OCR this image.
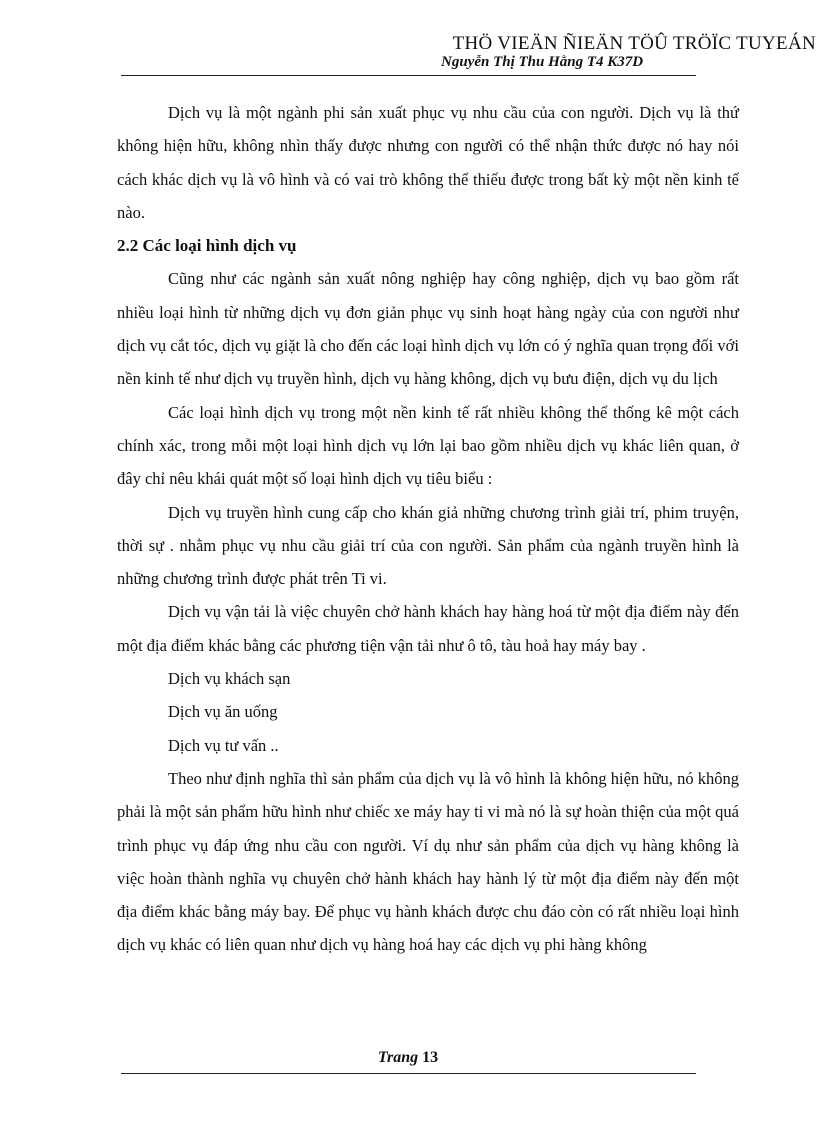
THÖ VIEÄN ÑIEÄN TÖÛ TRÖÏC TUYEÁN
Nguyễn Thị Thu Hằng T4 K37D

Dịch vụ là một ngành phi sản xuất phục vụ nhu cầu của con người. Dịch vụ là thứ không hiện hữu, không nhìn thấy được nhưng con người có thể nhận thức được nó hay nói cách khác dịch vụ là vô hình và có vai trò không thể thiếu được trong bất kỳ một nền kinh tế nào.

2.2 Các loại hình dịch vụ

Cũng như các ngành sản xuất nông nghiệp hay công nghiệp, dịch vụ bao gồm rất nhiều loại hình từ những dịch vụ đơn giản phục vụ sinh hoạt hàng ngày của con người như dịch vụ cắt tóc, dịch vụ giặt là cho đến các loại hình dịch vụ lớn có ý nghĩa quan trọng đối với nền kinh tế như dịch vụ truyền hình, dịch vụ hàng không, dịch vụ bưu điện, dịch vụ du lịch

Các loại hình dịch vụ trong một nền kinh tế rất nhiều không thể thống kê một cách chính xác, trong mỗi một loại hình dịch vụ lớn lại bao gồm nhiều dịch vụ khác liên quan, ở đây chỉ nêu khái quát một số loại hình dịch vụ tiêu biểu :

Dịch vụ truyền hình cung cấp cho khán giả những chương trình giải trí, phim truyện, thời sự . nhằm phục vụ nhu cầu giải trí của con người. Sản phẩm của ngành truyền hình là những chương trình được phát trên Ti vi.

Dịch vụ vận tải là việc chuyên chở hành khách hay hàng hoá từ một địa điểm này đến một địa điểm khác bằng các phương tiện vận tải như ô tô, tàu hoả hay máy bay .

Dịch vụ khách sạn

Dịch vụ ăn uống

Dịch vụ tư vấn ..

Theo như định nghĩa thì sản phẩm của dịch vụ là vô hình là không hiện hữu, nó không phải là một sản phẩm hữu hình như chiếc xe máy hay ti vi mà nó là sự hoàn thiện của một quá trình phục vụ đáp ứng nhu cầu con người. Ví dụ như sản phẩm của dịch vụ hàng không là việc hoàn thành nghĩa vụ chuyên chở hành khách hay hành lý từ một địa điểm này đến một địa điểm khác bằng máy bay. Để phục vụ hành khách được chu đáo còn có rất nhiều loại hình dịch vụ khác có liên quan như dịch vụ hàng hoá hay các dịch vụ phi hàng không

Trang 13
